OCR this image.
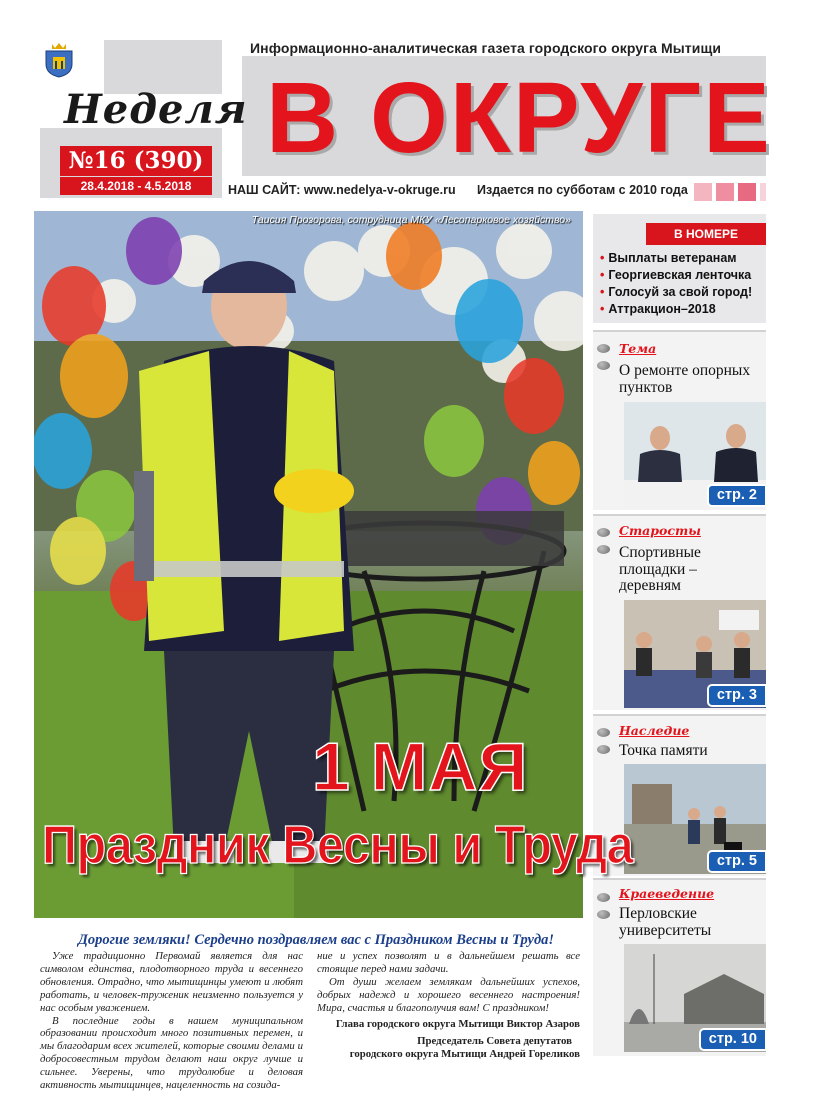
Неделя
№16 (390)
28.4.2018 - 4.5.2018
Информационно-аналитическая газета городского округа Мытищи
В ОКРУГЕ
НАШ САЙТ: www.nedelya-v-okruge.ru Издается по субботам с 2010 года
Таисия Прозорова, сотрудница МКУ «Лесопарковое хозяйство»
1 МАЯ
Праздник Весны и Труда
Дорогие земляки! Сердечно поздравляем вас с Праздником Весны и Труда!

Уже традиционно Первомай является для нас символом единства, плодотворного труда и весеннего обновления. Отрадно, что мытищинцы умеют и любят работать, и человек-труженик неизменно пользуется у нас особым уважением.

В последние годы в нашем муниципальном образовании происходит много позитивных перемен, и мы благодарим всех жителей, которые своими делами и добросовестным трудом делают наш округ лучше и сильнее. Уверены, что трудолюбие и деловая активность мытищинцев, нацеленность на созида-

ние и успех позволят и в дальнейшем решать все стоящие перед нами задачи.

От души желаем землякам дальнейших успехов, добрых надежд и хорошего весеннего настроения! Мира, счастья и благополучия вам! С праздником!

Глава городского округа Мытищи Виктор Азаров
Председатель Совета депутатов
городского округа Мытищи Андрей Гореликов
В НОМЕРЕ
• Выплаты ветеранам
• Георгиевская ленточка
• Голосуй за свой город!
• Аттракцион–2018
Тема
О ремонте опорных
пунктов
стр. 2
Старосты
Спортивные
площадки –
деревням
стр. 3
Наследие
Точка памяти
стр. 5
Краеведение
Перловские
университеты
стр. 10
